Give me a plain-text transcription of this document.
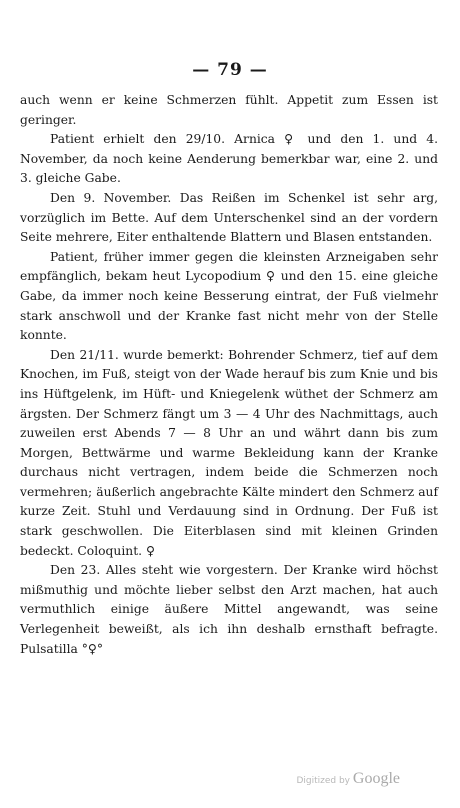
— 79 —

auch wenn er keine Schmerzen fühlt. Appetit zum Essen ist geringer.

Patient erhielt den 29/10. Arnica ♀ und den 1. und 4. November, da noch keine Aenderung bemerkbar war, eine 2. und 3. gleiche Gabe.

Den 9. November. Das Reißen im Schenkel ist sehr arg, vorzüglich im Bette. Auf dem Unterschenkel sind an der vordern Seite mehrere, Eiter enthaltende Blattern und Blasen entstanden.

Patient, früher immer gegen die kleinsten Arzneigaben sehr empfänglich, bekam heut Lycopodium ♀ und den 15. eine gleiche Gabe, da immer noch keine Besserung eintrat, der Fuß vielmehr stark anschwoll und der Kranke fast nicht mehr von der Stelle konnte.

Den 21/11. wurde bemerkt: Bohrender Schmerz, tief auf dem Knochen, im Fuß, steigt von der Wade herauf bis zum Knie und bis ins Hüftgelenk, im Hüft- und Kniegelenk wüthet der Schmerz am ärgsten. Der Schmerz fängt um 3 — 4 Uhr des Nachmittags, auch zuweilen erst Abends 7 — 8 Uhr an und währt dann bis zum Morgen, Bettwärme und warme Bekleidung kann der Kranke durchaus nicht vertragen, indem beide die Schmerzen noch vermehren; äußerlich angebrachte Kälte mindert den Schmerz auf kurze Zeit. Stuhl und Verdauung sind in Ordnung. Der Fuß ist stark geschwollen. Die Eiterblasen sind mit kleinen Grinden bedeckt. Coloquint. ♀

Den 23. Alles steht wie vorgestern. Der Kranke wird höchst mißmuthig und möchte lieber selbst den Arzt machen, hat auch vermuthlich einige äußere Mittel angewandt, was seine Verlegenheit beweißt, als ich ihn deshalb ernsthaft befragte. Pulsatilla °♀°

Digitized by Google
